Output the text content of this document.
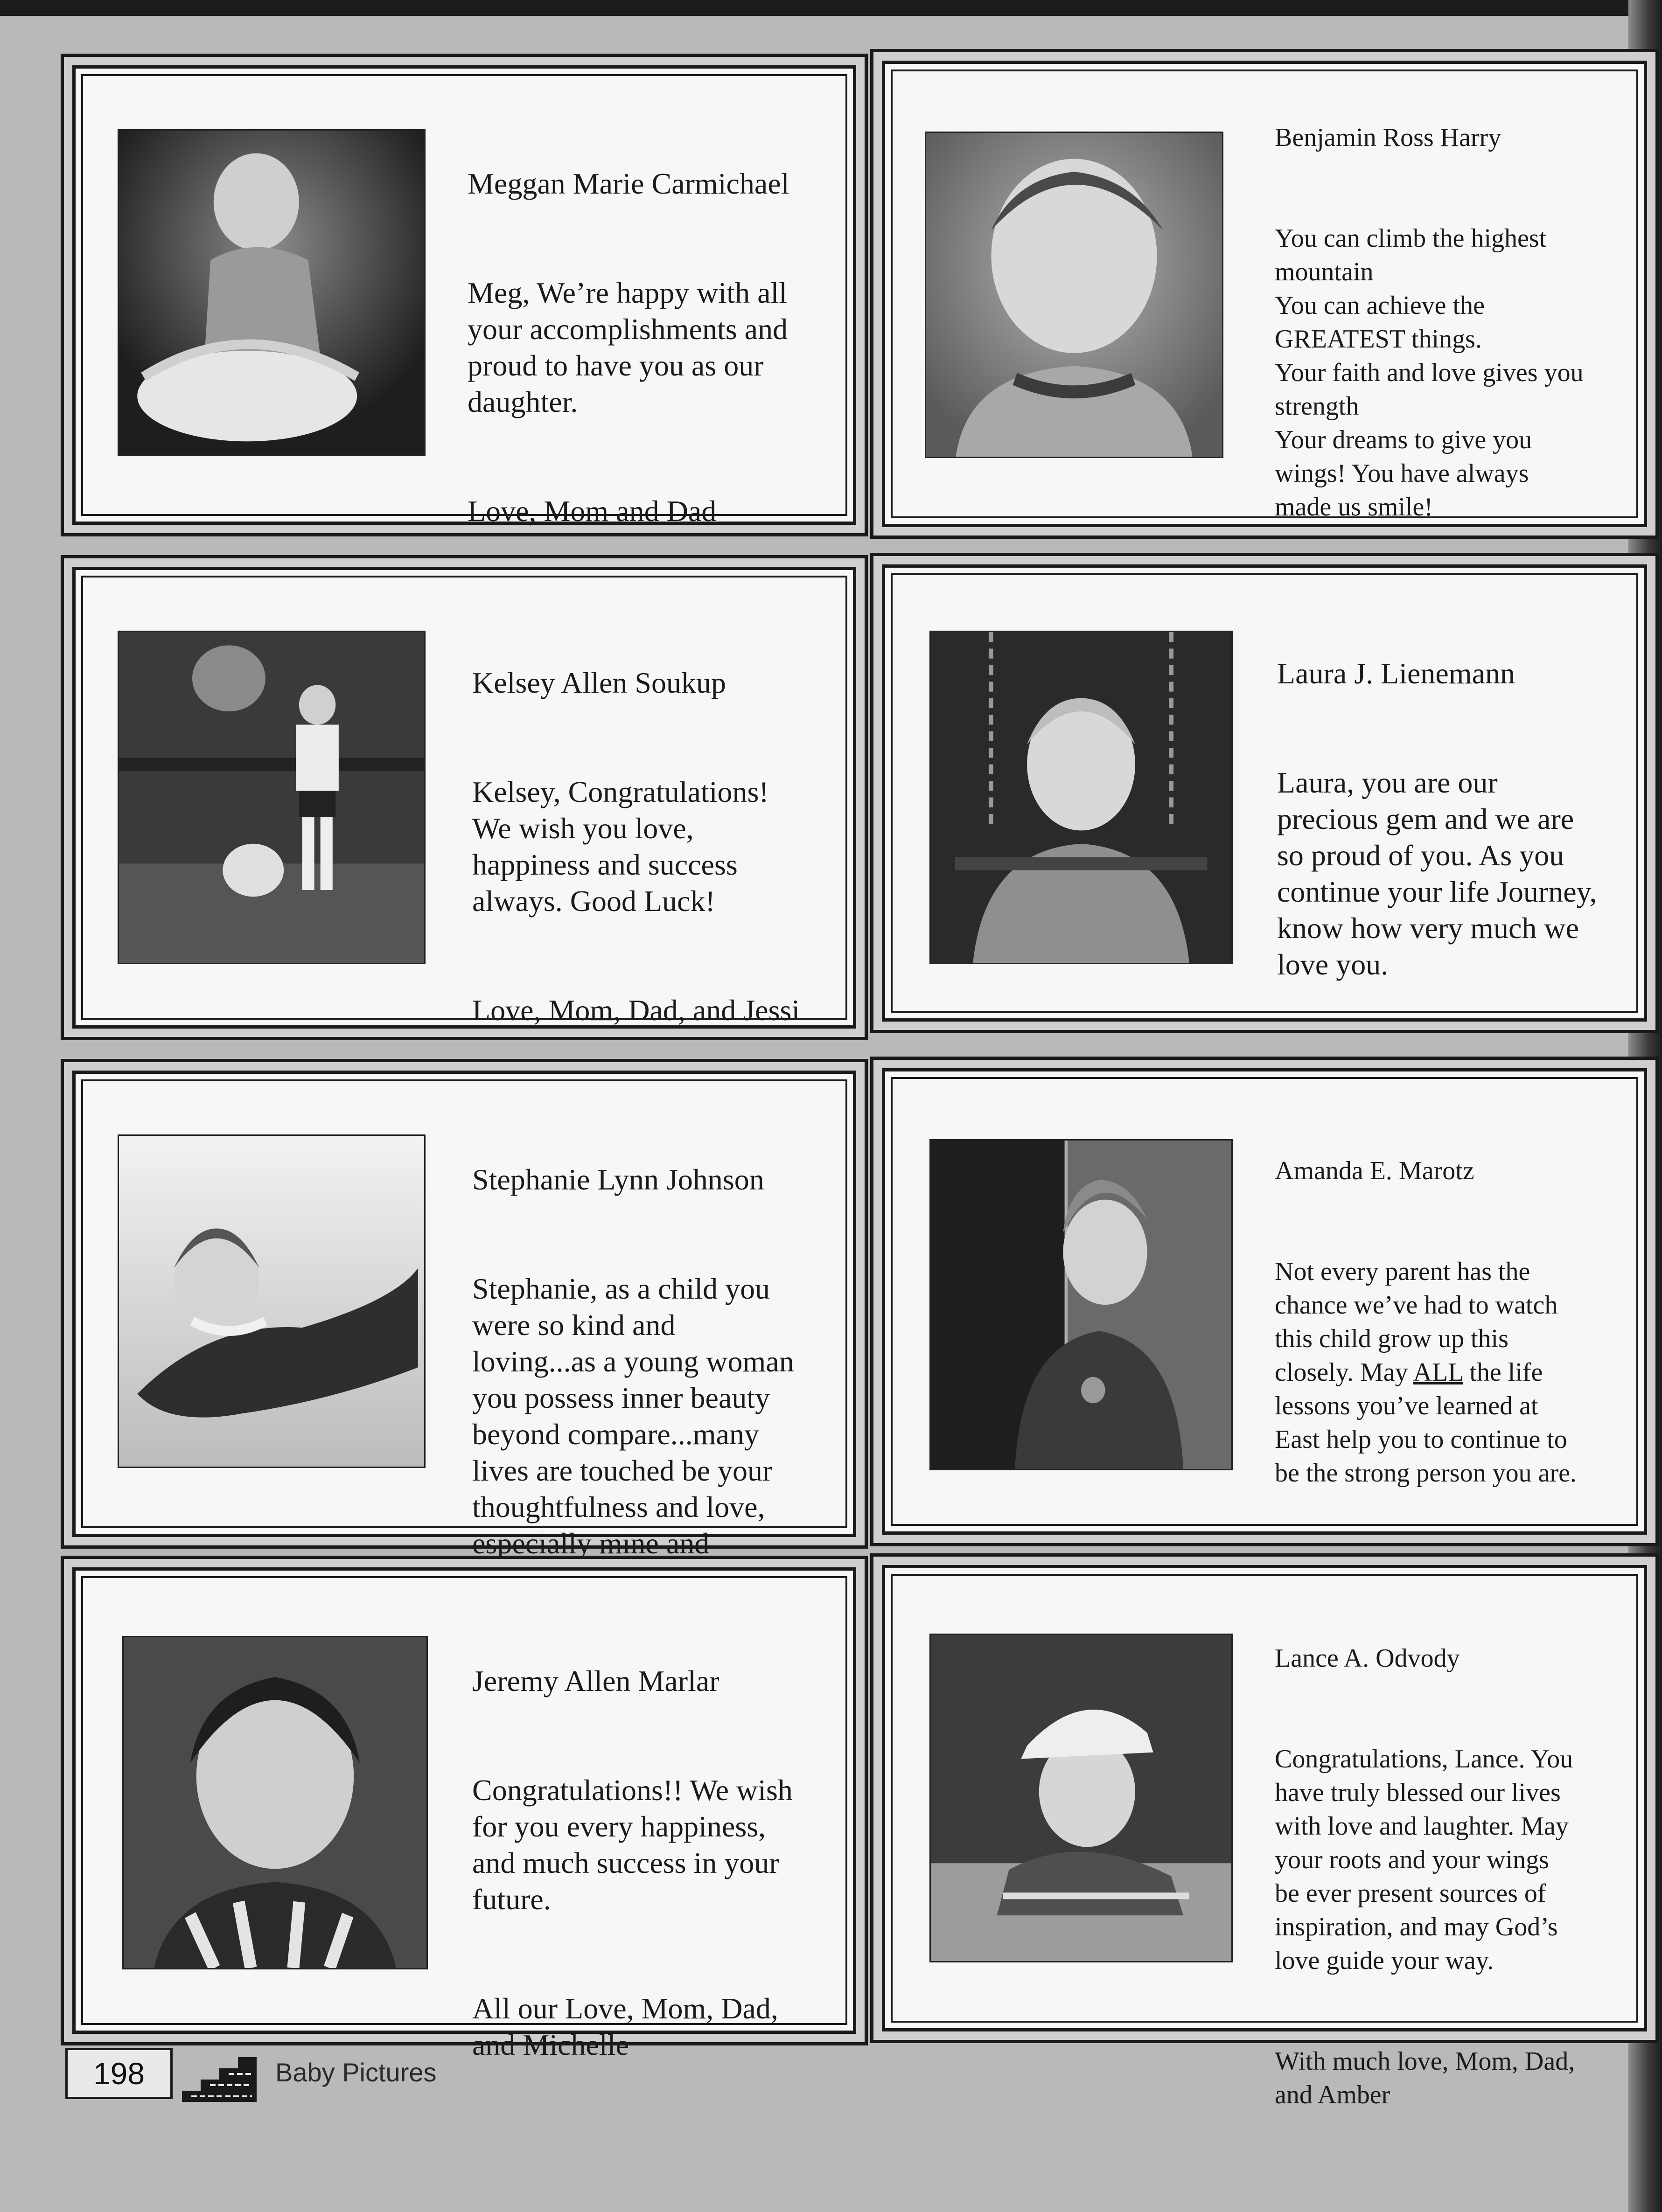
Meggan Marie Carmichael

Meg, We’re happy with all
your accomplishments and
proud to have you as our
daughter.

Love, Mom and Dad

Benjamin Ross Harry

You can climb the highest
mountain
You can achieve the
GREATEST things.
Your faith and love gives you
strength
Your dreams to give you
wings! You have always
made us smile!

Kelsey Allen Soukup

Kelsey, Congratulations!
We wish you love,
happiness and success
always. Good Luck!

Love, Mom, Dad, and Jessi

Laura J. Lienemann

Laura, you are our
precious gem and we are
so proud of you. As you
continue your life Journey,
know how very much we
love you.

Stephanie Lynn Johnson

Stephanie, as a child you
were so kind and
loving...as a young woman
you possess inner beauty
beyond compare...many
lives are touched be your
thoughtfulness and love,
especially mine and

Amanda E. Marotz

Not every parent has the
chance we’ve had to watch
this child grow up this
closely. May ALL the life
lessons you’ve learned at
East help you to continue to
be the strong person you are.

Jeremy Allen Marlar

Congratulations!! We wish
for you every happiness,
and much success in your
future.

All our Love, Mom, Dad,
and Michelle

Lance A. Odvody

Congratulations, Lance. You
have truly blessed our lives
with love and laughter. May
your roots and your wings
be ever present sources of
inspiration, and may God’s
love guide your way.

With much love, Mom, Dad,
and Amber

198	Baby Pictures
